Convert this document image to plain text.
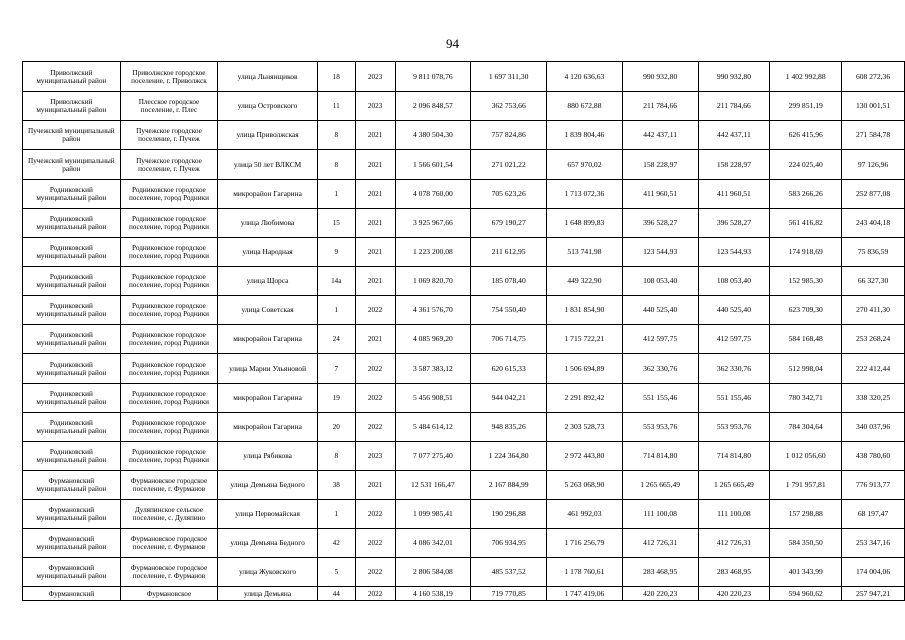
94
Приволжский муниципальный район	Приволжское городское поселение, г. Приволжск	улица Льнянщиков	18	2023	9 811 078,76	1 697 311,30	4 120 636,63	990 932,80	990 932,80	1 402 992,88	608 272,36
Приволжский муниципальный район	Плесское городское поселение, г. Плес	улица Островского	11	2023	2 096 848,57	362 753,66	880 672,88	211 784,66	211 784,66	299 851,19	130 001,51
Пучежский муниципальный район	Пучежское городское поселение, г. Пучеж	улица Приволжская	8	2021	4 380 504,30	757 824,86	1 839 804,46	442 437,11	442 437,11	626 415,96	271 584,78
Пучежский муниципальный район	Пучежское городское поселение, г. Пучеж	улица 50 лет ВЛКСМ	8	2021	1 566 601,54	271 021,22	657 970,02	158 228,97	158 228,97	224 025,40	97 126,96
Родниковский муниципальный район	Родниковское городское поселение, город Родники	микрорайон Гагарина	1	2021	4 078 760,00	705 623,26	1 713 072,36	411 960,51	411 960,51	583 266,26	252 877,08
Родниковский муниципальный район	Родниковское городское поселение, город Родники	улица Любимова	15	2021	3 925 967,66	679 190,27	1 648 899,83	396 528,27	396 528,27	561 416,82	243 404,18
Родниковский муниципальный район	Родниковское городское поселение, город Родники	улица Народная	9	2021	1 223 200,08	211 612,95	513 741,98	123 544,93	123 544,93	174 918,69	75 836,59
Родниковский муниципальный район	Родниковское городское поселение, город Родники	улица Щорса	14а	2021	1 069 820,70	185 078,40	449 322,90	108 053,40	108 053,40	152 985,30	66 327,30
Родниковский муниципальный район	Родниковское городское поселение, город Родники	улица Советская	1	2022	4 361 576,70	754 550,40	1 831 854,90	440 525,40	440 525,40	623 709,30	270 411,30
Родниковский муниципальный район	Родниковское городское поселение, город Родники	микрорайон Гагарина	24	2021	4 085 969,20	706 714,75	1 715 722,21	412 597,75	412 597,75	584 168,48	253 268,24
Родниковский муниципальный район	Родниковское городское поселение, город Родники	улица Марии Ульяновой	7	2022	3 587 383,12	620 615,33	1 506 694,89	362 330,76	362 330,76	512 998,04	222 412,44
Родниковский муниципальный район	Родниковское городское поселение, город Родники	микрорайон Гагарина	19	2022	5 456 908,51	944 042,21	2 291 892,42	551 155,46	551 155,46	780 342,71	338 320,25
Родниковский муниципальный район	Родниковское городское поселение, город Родники	микрорайон Гагарина	20	2022	5 484 614,12	948 835,26	2 303 528,73	553 953,76	553 953,76	784 304,64	340 037,96
Родниковский муниципальный район	Родниковское городское поселение, город Родники	улица Рябикова	8	2023	7 077 275,40	1 224 364,80	2 972 443,80	714 814,80	714 814,80	1 012 056,60	438 780,60
Фурмановский муниципальный район	Фурмановское городское поселение, г. Фурманов	улица Демьяна Бедного	38	2021	12 531 166,47	2 167 884,99	5 263 068,90	1 265 665,49	1 265 665,49	1 791 957,81	776 913,77
Фурмановский муниципальный район	Дуляпинское сельское поселение, с. Дуляпино	улица Первомайская	1	2022	1 099 985,41	190 296,88	461 992,03	111 100,08	111 100,08	157 298,88	68 197,47
Фурмановский муниципальный район	Фурмановское городское поселение, г. Фурманов	улица Демьяна Бедного	42	2022	4 086 342,01	706 934,95	1 716 256,79	412 726,31	412 726,31	584 350,50	253 347,16
Фурмановский муниципальный район	Фурмановское городское поселение, г. Фурманов	улица Жуковского	5	2022	2 806 584,08	485 537,52	1 178 760,61	283 468,95	283 468,95	401 343,99	174 004,06
Фурмановский	Фурмановское	улица Демьяна	44	2022	4 160 538,19	719 770,85	1 747 419,06	420 220,23	420 220,23	594 960,62	257 947,21
